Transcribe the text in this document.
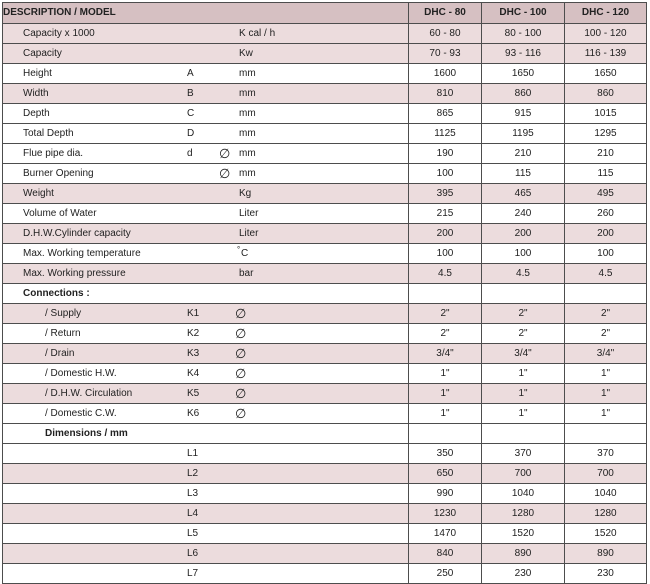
DESCRIPTION / MODEL	DHC - 80	DHC - 100	DHC - 120

Capacity x 1000 K cal / h	60 - 80	80 - 100	100 - 120

Capacity Kw	70 - 93	93 - 116	116 - 139

Height A mm	1600	1650	1650

Width B mm	810	860	860

Depth C mm	865	915	1015

Total Depth D mm	1125	1195	1295

Flue pipe dia. d ∅ mm	190	210	210

Burner Opening ∅ mm	100	115	115

Weight Kg	395	465	495

Volume of Water Liter	215	240	260

D.H.W.Cylinder capacity Liter	200	200	200

Max. Working temperature ° C	100	100	100

Max. Working pressure bar	4.5	4.5	4.5

Connections :			

/ Supply K1 ∅	2"	2"	2"

/ Return K2 ∅	2"	2"	2"

/ Drain K3 ∅	3/4"	3/4"	3/4"

/ Domestic H.W. K4 ∅	1"	1"	1"

/ D.H.W. Circulation K5 ∅	1"	1"	1"

/ Domestic C.W. K6 ∅	1"	1"	1"

Dimensions / mm			

L1	350	370	370

L2	650	700	700

L3	990	1040	1040

L4	1230	1280	1280

L5	1470	1520	1520

L6	840	890	890

L7	250	230	230
